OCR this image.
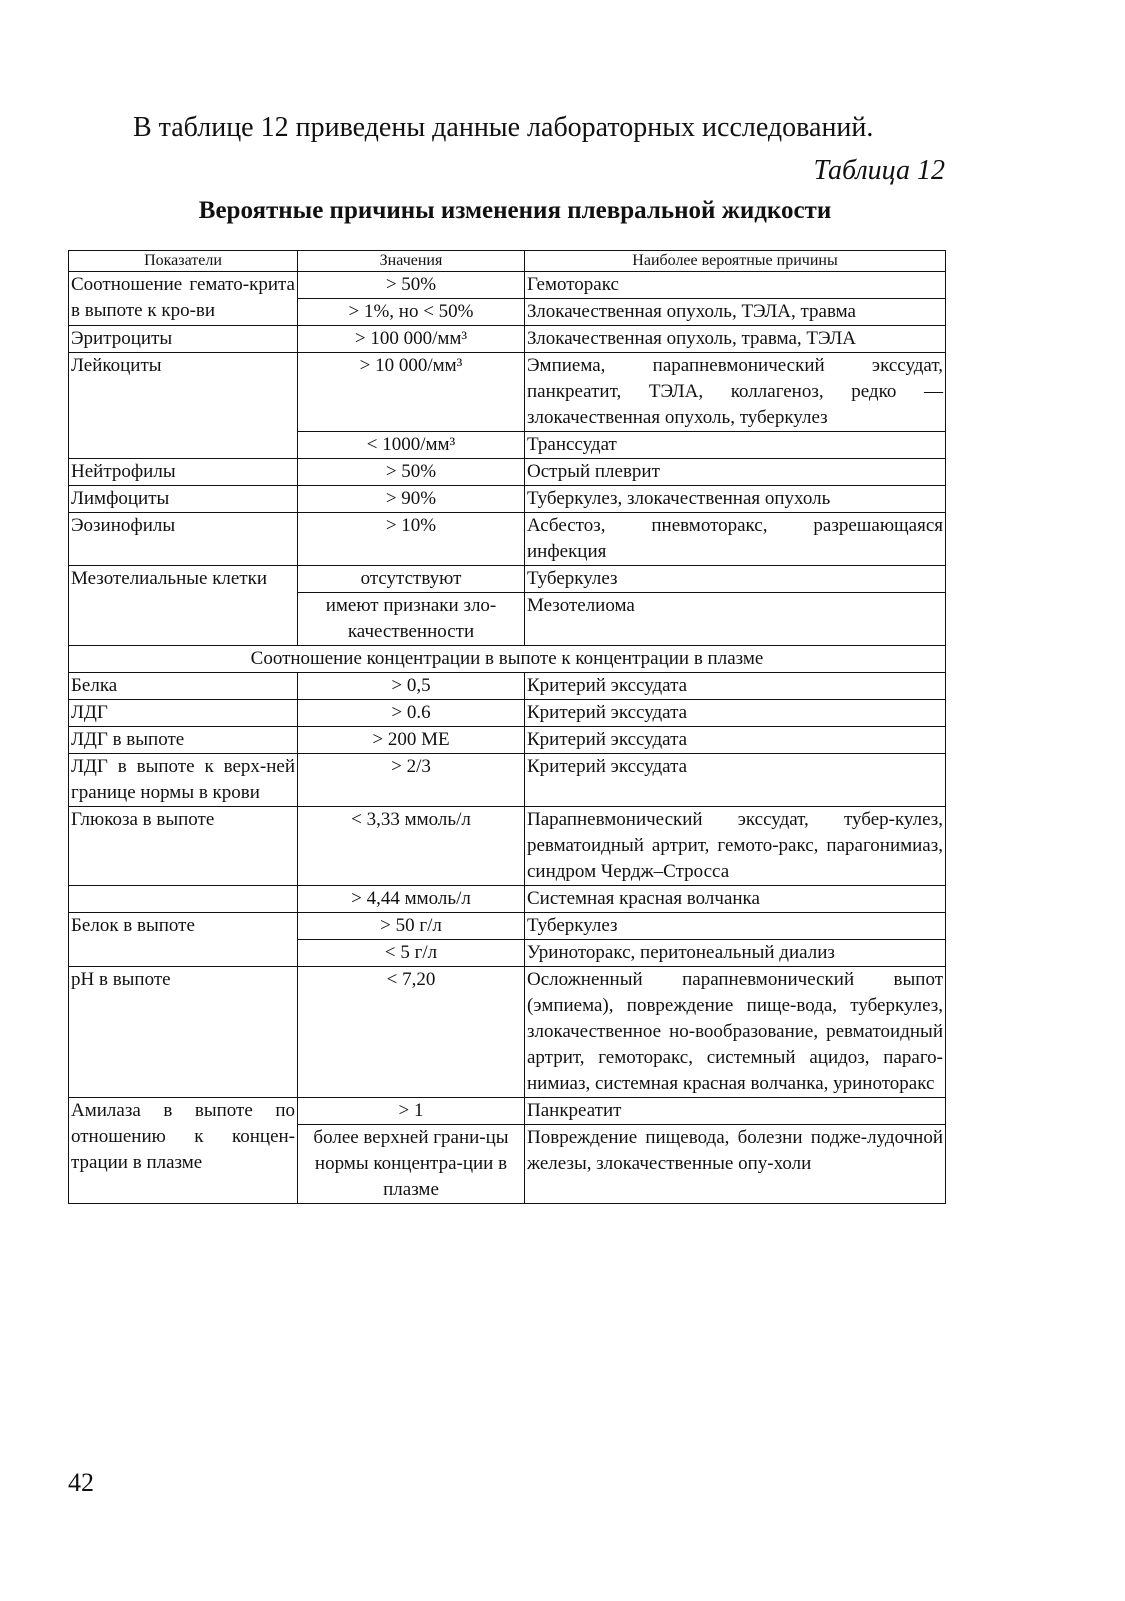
В таблице 12 приведены данные лабораторных исследований.
Таблица 12
Вероятные причины изменения плевральной жидкости
Показатели	Значения	Наиболее вероятные причины
Соотношение гемато-крита в выпоте к кро-ви	> 50%	Гемоторакс
	> 1%, но < 50%	Злокачественная опухоль, ТЭЛА, травма
Эритроциты	> 100 000/мм³	Злокачественная опухоль, травма, ТЭЛА
Лейкоциты	> 10 000/мм³	Эмпиема, парапневмонический экссудат, панкреатит, ТЭЛА, коллагеноз, редко — злокачественная опухоль, туберкулез
	< 1000/мм³	Транссудат
Нейтрофилы	> 50%	Острый плеврит
Лимфоциты	> 90%	Туберкулез, злокачественная опухоль
Эозинофилы	> 10%	Асбестоз, пневмоторакс, разрешающаяся инфекция
Мезотелиальные клетки	отсутствуют	Туберкулез
	имеют признаки зло-качественности	Мезотелиома
Соотношение концентрации в выпоте к концентрации в плазме		
Белка	> 0,5	Критерий экссудата
ЛДГ	> 0.6	Критерий экссудата
ЛДГ в выпоте	> 200 МЕ	Критерий экссудата
ЛДГ в выпоте к верх-ней границе нормы в крови	> 2/3	Критерий экссудата
Глюкоза в выпоте	< 3,33 ммоль/л	Парапневмонический экссудат, тубер-кулез, ревматоидный артрит, гемото-ракс, парагонимиаз, синдром Чердж–Стросса
	> 4,44 ммоль/л	Системная красная волчанка
Белок в выпоте	> 50 г/л	Туберкулез
	< 5 г/л	Уриноторакс, перитонеальный диализ
pH в выпоте	< 7,20	Осложненный парапневмонический выпот (эмпиема), повреждение пище-вода, туберкулез, злокачественное но-вообразование, ревматоидный артрит, гемоторакс, системный ацидоз, параго-нимиаз, системная красная волчанка, уриноторакс
Амилаза в выпоте по отношению к концен-трации в плазме	> 1	Панкреатит
	более верхней грани-цы нормы концентра-ции в плазме	Повреждение пищевода, болезни подже-лудочной железы, злокачественные опу-холи
42
